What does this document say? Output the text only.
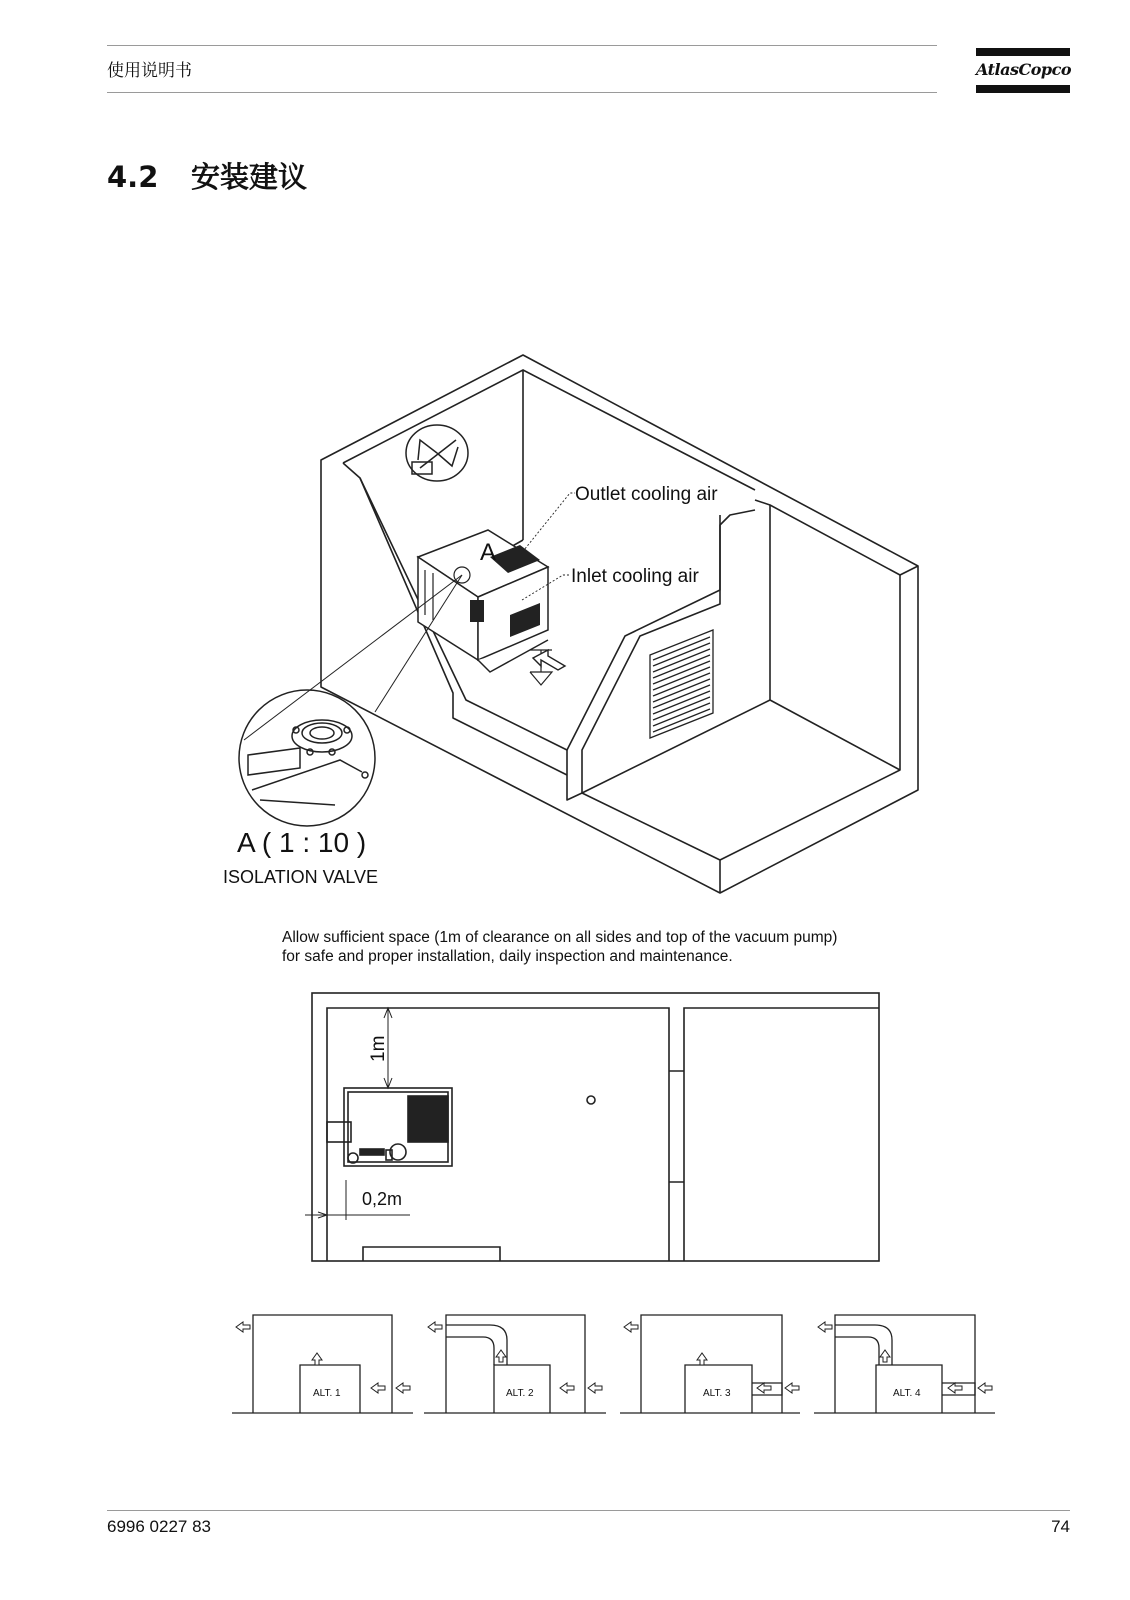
使用说明书	AtlasCopco
4.2 安装建议
Outlet cooling air
Inlet cooling air
A
A ( 1 : 10 )
ISOLATION VALVE
1m
0,2m
ALT. 1	ALT. 2	ALT. 3	ALT. 4
Allow sufficient space (1m of clearance on all sides and top of the vacuum pump)
for safe and proper installation, daily inspection and maintenance.
6996 0227 83	74
